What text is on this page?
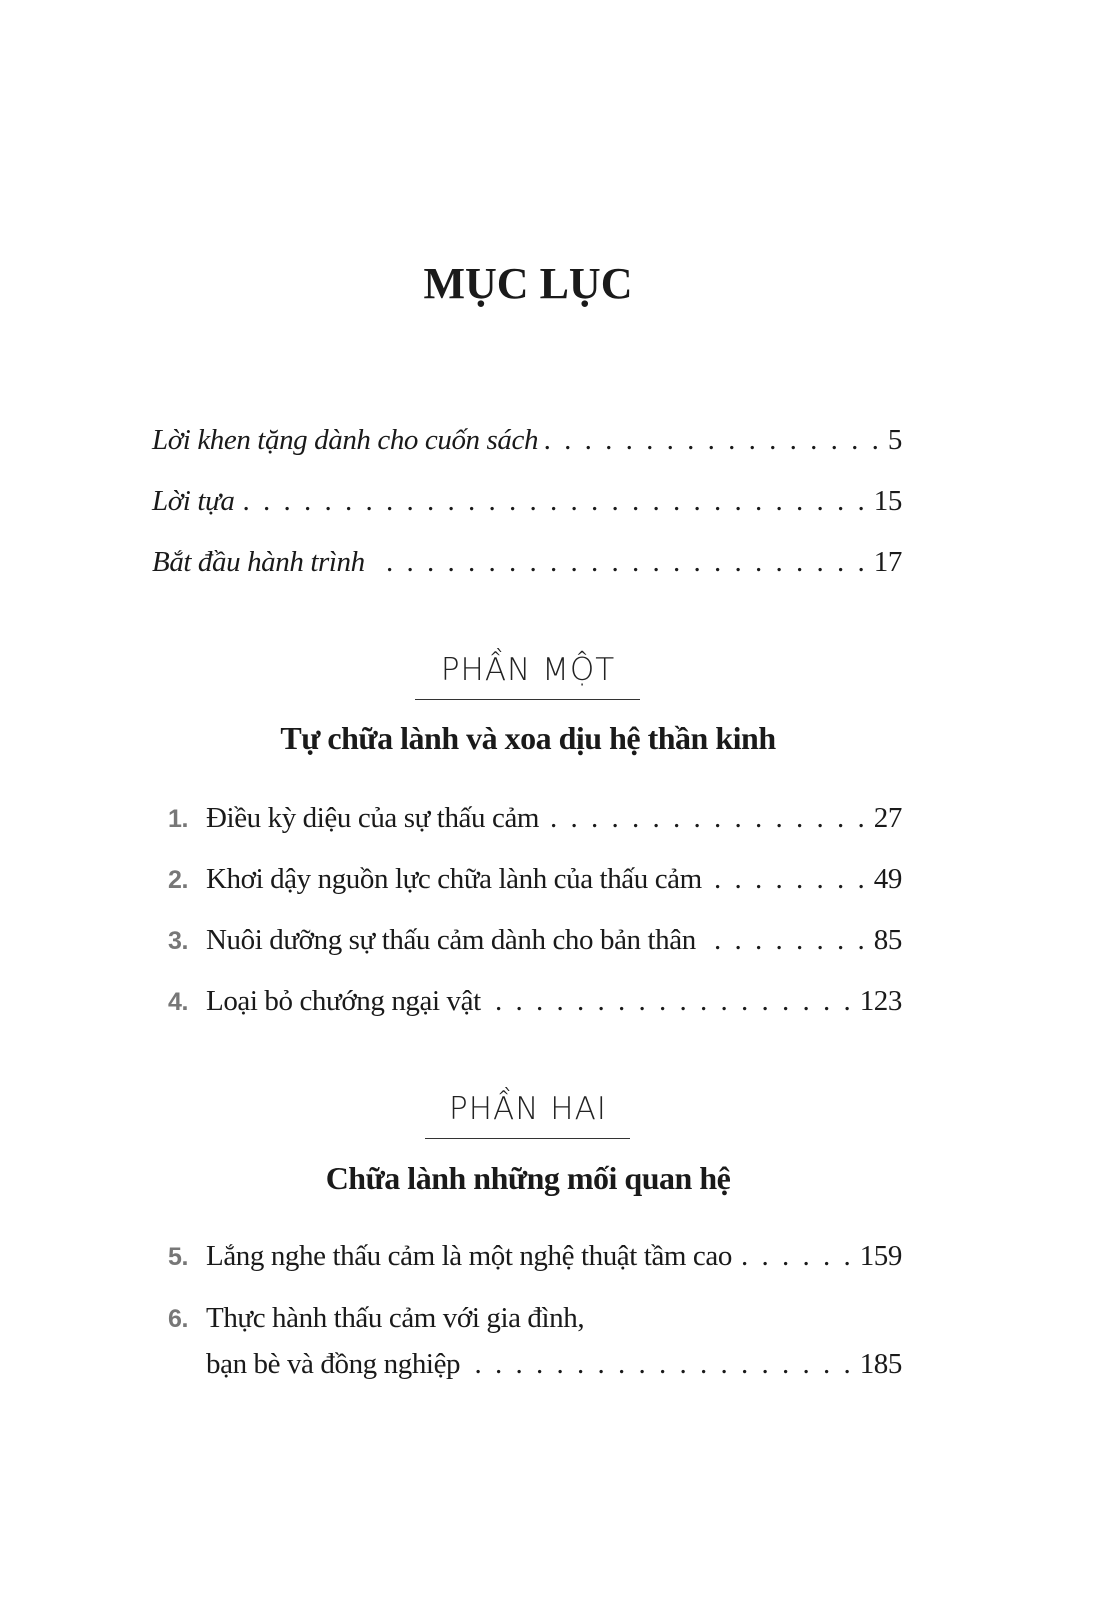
MỤC LỤC
Lời khen tặng dành cho cuốn sách . . .	5
Lời tựa . . .	15
Bắt đầu hành trình . . .	17
PHẦN MỘT
Tự chữa lành và xoa dịu hệ thần kinh
1. Điều kỳ diệu của sự thấu cảm . . .	27
2. Khơi dậy nguồn lực chữa lành của thấu cảm . . .	49
3. Nuôi dưỡng sự thấu cảm dành cho bản thân . . .	85
4. Loại bỏ chướng ngại vật . . .	123
PHẦN HAI
Chữa lành những mối quan hệ
5. Lắng nghe thấu cảm là một nghệ thuật tầm cao . . .	159
6. Thực hành thấu cảm với gia đình,
bạn bè và đồng nghiệp . . .	185
